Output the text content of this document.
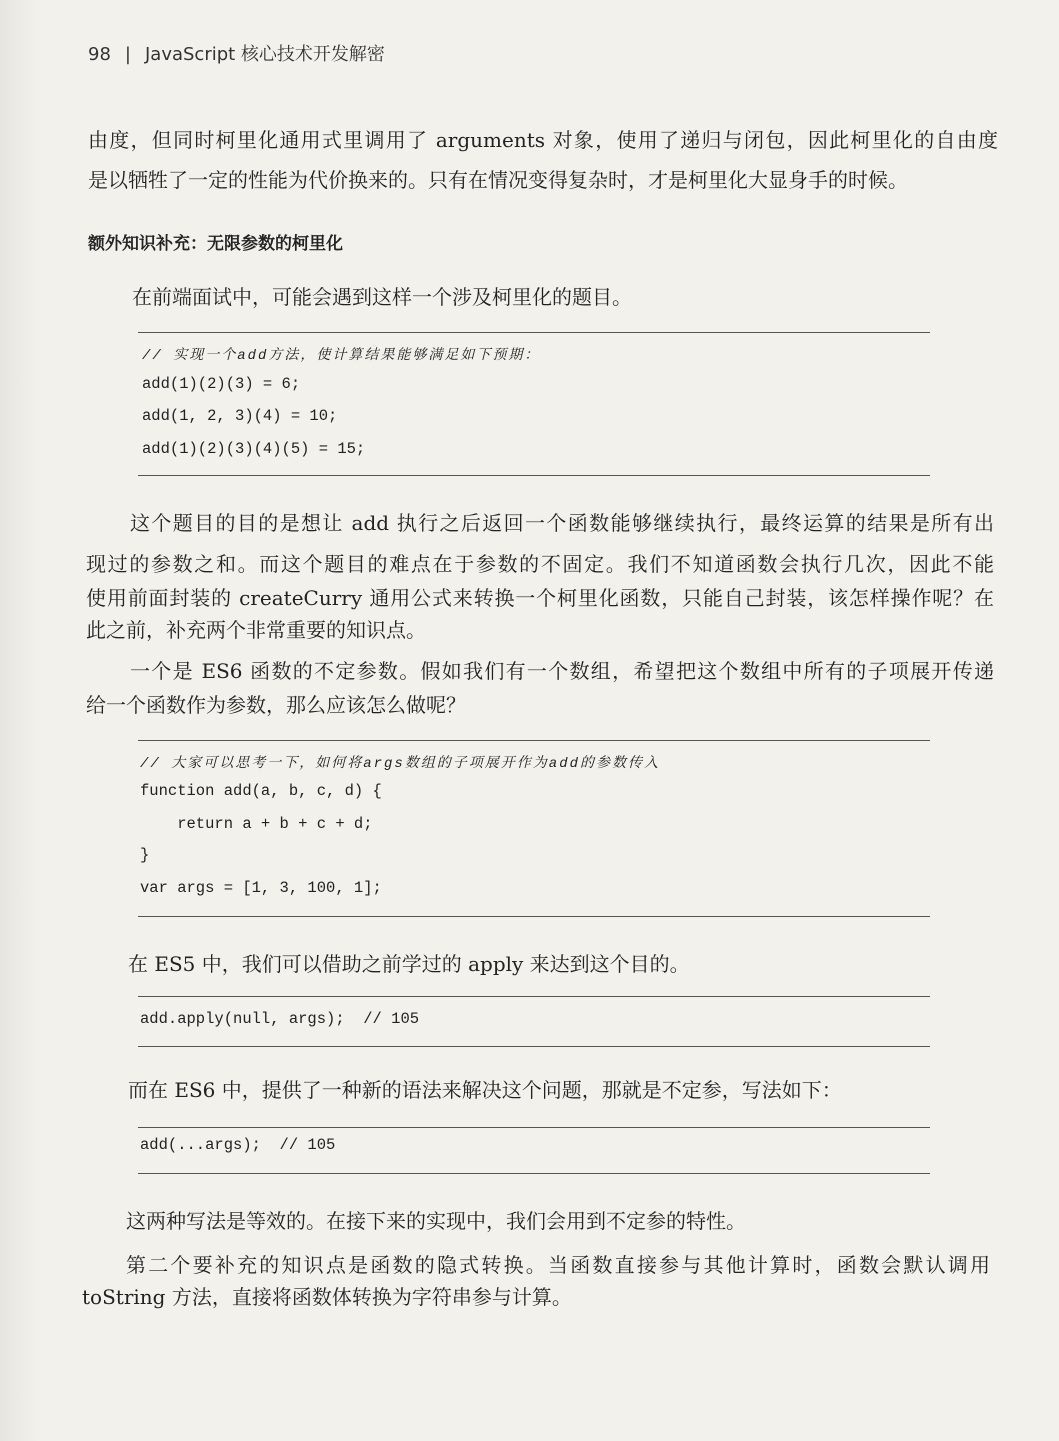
98 | JavaScript 核心技术开发解密
由度，但同时柯里化通用式里调用了 arguments 对象，使用了递归与闭包，因此柯里化的自由度
是以牺牲了一定的性能为代价换来的。只有在情况变得复杂时，才是柯里化大显身手的时候。
额外知识补充：无限参数的柯里化
在前端面试中，可能会遇到这样一个涉及柯里化的题目。
// 实现一个add方法，使计算结果能够满足如下预期：
add(1)(2)(3) = 6;
add(1, 2, 3)(4) = 10;
add(1)(2)(3)(4)(5) = 15;
这个题目的目的是想让 add 执行之后返回一个函数能够继续执行，最终运算的结果是所有出
现过的参数之和。而这个题目的难点在于参数的不固定。我们不知道函数会执行几次，因此不能
使用前面封装的 createCurry 通用公式来转换一个柯里化函数，只能自己封装，该怎样操作呢？在
此之前，补充两个非常重要的知识点。
一个是 ES6 函数的不定参数。假如我们有一个数组，希望把这个数组中所有的子项展开传递
给一个函数作为参数，那么应该怎么做呢？
// 大家可以思考一下，如何将args数组的子项展开作为add的参数传入
function add(a, b, c, d) {
return a + b + c + d;
}
var args = [1, 3, 100, 1];
在 ES5 中，我们可以借助之前学过的 apply 来达到这个目的。
add.apply(null, args);  // 105
而在 ES6 中，提供了一种新的语法来解决这个问题，那就是不定参，写法如下：
add(...args);  // 105
这两种写法是等效的。在接下来的实现中，我们会用到不定参的特性。
第二个要补充的知识点是函数的隐式转换。当函数直接参与其他计算时，函数会默认调用
toString 方法，直接将函数体转换为字符串参与计算。
